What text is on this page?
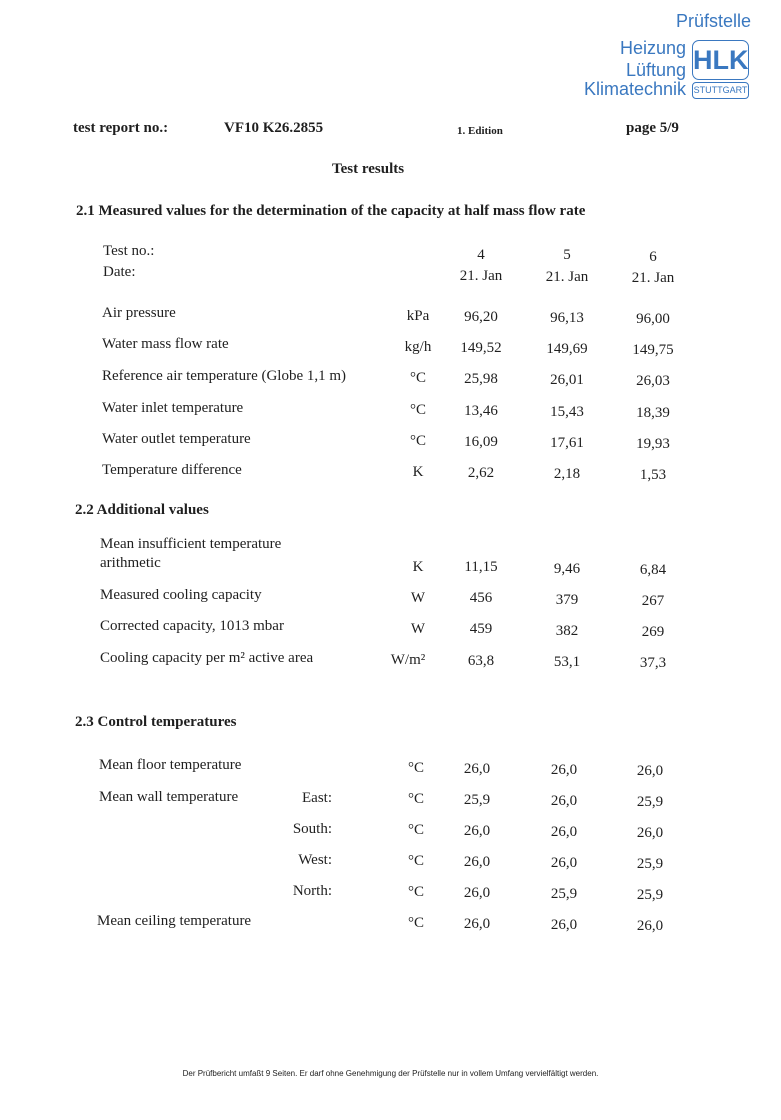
Prüfstelle
Heizung
Lüftung
Klimatechnik
HLK
STUTTGART
test report no.:	VF10 K26.2855	1. Edition	page 5/9
Test results
2.1 Measured values for the determination of the capacity at half mass flow rate
2.2 Additional values
2.3 Control temperatures
Test no.:
Date:
4	5	6
21. Jan	21. Jan	21. Jan
Air pressure	kPa	96,20	96,13	96,00
Water mass flow rate	kg/h	149,52	149,69	149,75
Reference air temperature (Globe 1,1 m)	°C	25,98	26,01	26,03
Water inlet temperature	°C	13,46	15,43	18,39
Water outlet temperature	°C	16,09	17,61	19,93
Temperature difference	K	2,62	2,18	1,53
Mean insufficient temperature
arithmetic	K	11,15	9,46	6,84
Measured cooling capacity	W	456	379	267
Corrected capacity, 1013 mbar	W	459	382	269
Cooling capacity per m² active area	W/m²	63,8	53,1	37,3
Mean floor temperature	°C	26,0	26,0	26,0
Mean wall temperature	East:	°C	25,9	26,0	25,9
South:	°C	26,0	26,0	26,0
West:	°C	26,0	26,0	25,9
North:	°C	26,0	25,9	25,9
Mean ceiling temperature	°C	26,0	26,0	26,0
Der Prüfbericht umfaßt 9 Seiten. Er darf ohne Genehmigung der Prüfstelle nur in vollem Umfang vervielfältigt werden.
